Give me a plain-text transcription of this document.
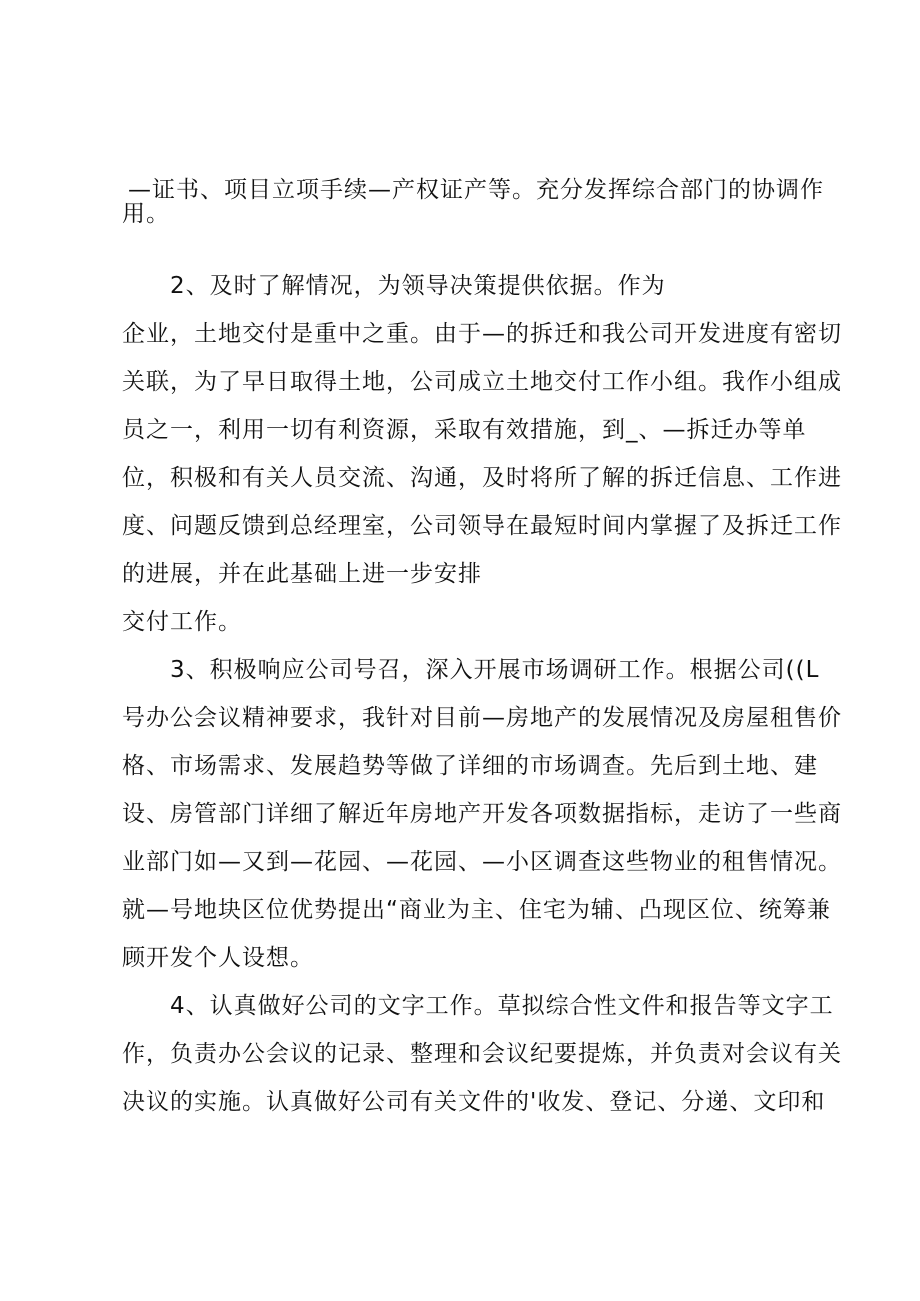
—证书、项目立项手续—产权证产等。充分发挥综合部门的协调作
用。
2、及时了解情况，为领导决策提供依据。作为
企业，土地交付是重中之重。由于—的拆迁和我公司开发进度有密切
关联，为了早日取得土地，公司成立土地交付工作小组。我作小组成
员之一，利用一切有利资源，采取有效措施，到_、—拆迁办等单
位，积极和有关人员交流、沟通，及时将所了解的拆迁信息、工作进
度、问题反馈到总经理室，公司领导在最短时间内掌握了及拆迁工作
的进展，并在此基础上进一步安排
交付工作。
3、积极响应公司号召，深入开展市场调研工作。根据公司((L
号办公会议精神要求，我针对目前—房地产的发展情况及房屋租售价
格、市场需求、发展趋势等做了详细的市场调查。先后到土地、建
设、房管部门详细了解近年房地产开发各项数据指标，走访了一些商
业部门如—又到—花园、—花园、—小区调查这些物业的租售情况。
就—号地块区位优势提出“商业为主、住宅为辅、凸现区位、统筹兼
顾开发个人设想。
4、认真做好公司的文字工作。草拟综合性文件和报告等文字工
作，负责办公会议的记录、整理和会议纪要提炼，并负责对会议有关
决议的实施。认真做好公司有关文件的'收发、登记、分递、文印和
